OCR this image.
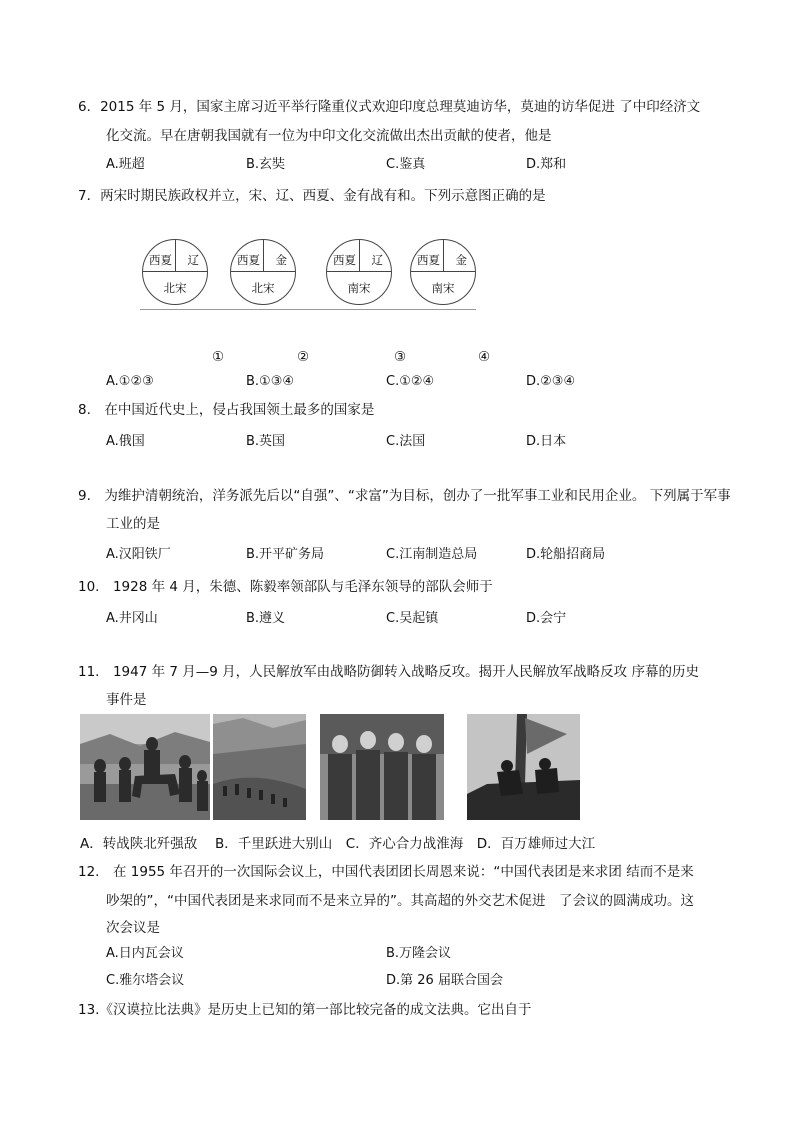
6．2015 年 5 月，国家主席习近平举行隆重仪式欢迎印度总理莫迪访华，莫迪的访华促进 了中印经济文
化交流。早在唐朝我国就有一位为中印文化交流做出杰出贡献的使者，他是
A.班超	B.玄奘	C.鉴真	D.郑和
7．两宋时期民族政权并立，宋、辽、西夏、金有战有和。下列示意图正确的是
西夏 辽
北宋
西夏 金
北宋
西夏 辽
南宋
西夏 金
南宋
①	②	③	④
A.①②③	B.①③④	C.①②④	D.②③④
8.　在中国近代史上，侵占我国领土最多的国家是
A.俄国	B.英国	C.法国	D.日本
9.　为维护清朝统治，洋务派先后以“自强”、“求富”为目标，创办了一批军事工业和民用企业。 下列属于军事
工业的是
A.汉阳铁厂	B.开平矿务局	C.江南制造总局	D.轮船招商局
10.　1928 年 4 月，朱德、陈毅率领部队与毛泽东领导的部队会师于
A.井冈山	B.遵义	C.吴起镇	D.会宁
11.　1947 年 7 月—9 月，人民解放军由战略防御转入战略反攻。揭开人民解放军战略反攻 序幕的历史
事件是
A．转战陕北歼强敌　 B．千里跃进大别山　C．齐心合力战淮海　D．百万雄师过大江
12.　在 1955 年召开的一次国际会议上，中国代表团团长周恩来说：“中国代表团是来求团 结而不是来
吵架的”，“中国代表团是来求同而不是来立异的”。其高超的外交艺术促进　了会议的圆满成功。这
次会议是
A.日内瓦会议	B.万隆会议
C.雅尔塔会议	D.第 26 届联合国会
13.《汉谟拉比法典》是历史上已知的第一部比较完备的成文法典。它出自于
